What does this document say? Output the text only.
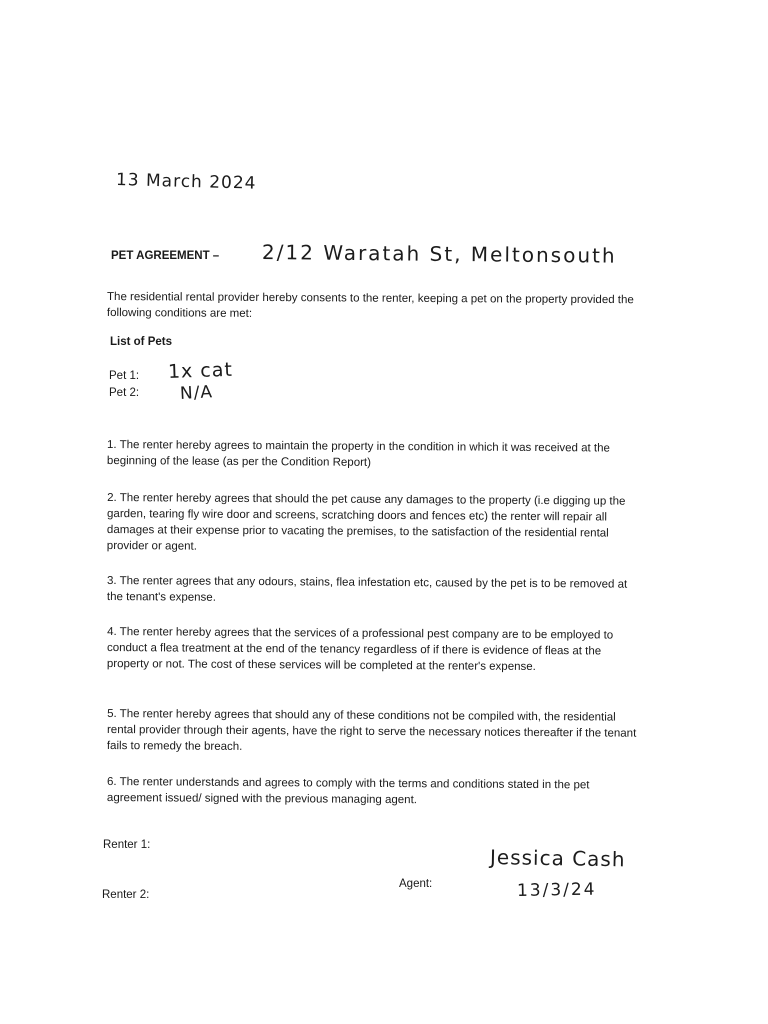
13 March 2024
PET AGREEMENT – 2/12 Waratah St, Meltonsouth

The residential rental provider hereby consents to the renter, keeping a pet on the property provided the following conditions are met:

List of Pets
Pet 1: 1x cat
Pet 2: N/A

1. The renter hereby agrees to maintain the property in the condition in which it was received at the beginning of the lease (as per the Condition Report)

2. The renter hereby agrees that should the pet cause any damages to the property (i.e digging up the garden, tearing fly wire door and screens, scratching doors and fences etc) the renter will repair all damages at their expense prior to vacating the premises, to the satisfaction of the residential rental provider or agent.

3. The renter agrees that any odours, stains, flea infestation etc, caused by the pet is to be removed at the tenant's expense.

4. The renter hereby agrees that the services of a professional pest company are to be employed to conduct a flea treatment at the end of the tenancy regardless of if there is evidence of fleas at the property or not. The cost of these services will be completed at the renter's expense.

5. The renter hereby agrees that should any of these conditions not be compiled with, the residential rental provider through their agents, have the right to serve the necessary notices thereafter if the tenant fails to remedy the breach.

6. The renter understands and agrees to comply with the terms and conditions stated in the pet agreement issued/ signed with the previous managing agent.

Renter 1:
Renter 2:
Agent:
Jessica Cash
13/3/24
